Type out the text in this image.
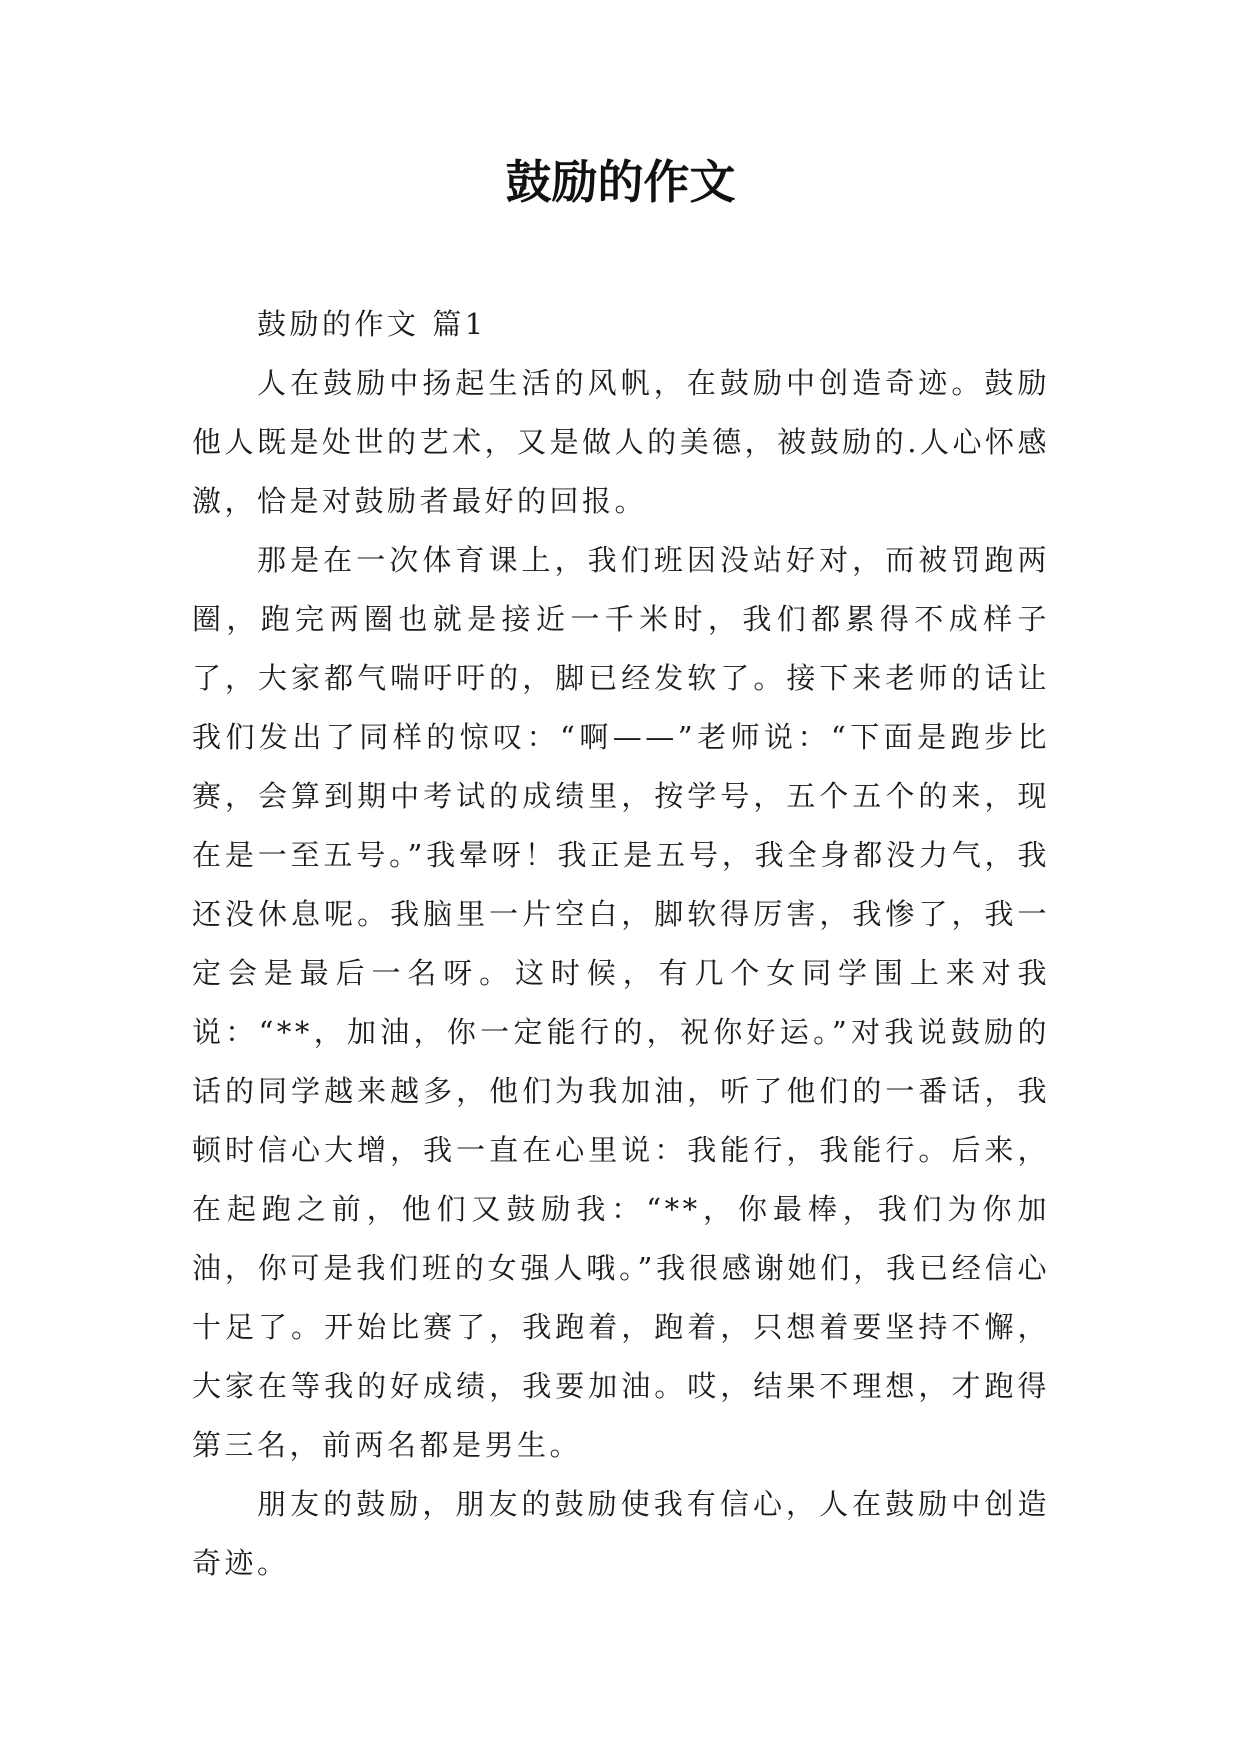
鼓励的作文

鼓励的作文 篇1

人在鼓励中扬起生活的风帆，在鼓励中创造奇迹。鼓励他人既是处世的艺术，又是做人的美德，被鼓励的.人心怀感激，恰是对鼓励者最好的回报。

那是在一次体育课上，我们班因没站好对，而被罚跑两圈，跑完两圈也就是接近一千米时，我们都累得不成样子了，大家都气喘吁吁的，脚已经发软了。接下来老师的话让我们发出了同样的惊叹：“啊——”老师说：“下面是跑步比赛，会算到期中考试的成绩里，按学号，五个五个的来，现在是一至五号。”我晕呀！我正是五号，我全身都没力气，我还没休息呢。我脑里一片空白，脚软得厉害，我惨了，我一定会是最后一名呀。这时候，有几个女同学围上来对我说：“**，加油，你一定能行的，祝你好运。”对我说鼓励的话的同学越来越多，他们为我加油，听了他们的一番话，我顿时信心大增，我一直在心里说：我能行，我能行。后来，在起跑之前，他们又鼓励我：“**，你最棒，我们为你加油，你可是我们班的女强人哦。”我很感谢她们，我已经信心十足了。开始比赛了，我跑着，跑着，只想着要坚持不懈，大家在等我的好成绩，我要加油。哎，结果不理想，才跑得第三名，前两名都是男生。

朋友的鼓励，朋友的鼓励使我有信心，人在鼓励中创造奇迹。
